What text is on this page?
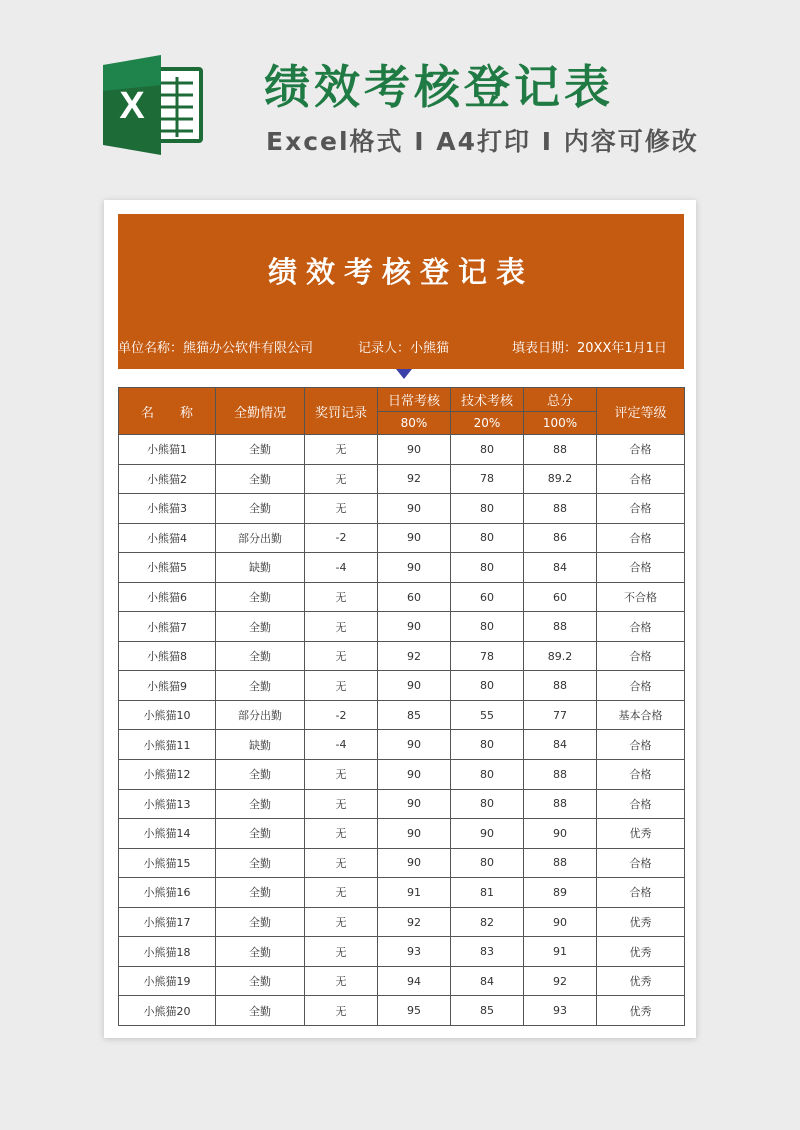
X	绩效考核登记表

Excel格式 I A4打印 I 内容可修改

绩效考核登记表
单位名称：熊猫办公软件有限公司	记录人：小熊猫	填表日期：20XX年1月1日
名　　称	全勤情况	奖罚记录	日常考核	技术考核	总分	评定等级
			80%	20%	100%	
小熊猫1	全勤	无	90	80	88	合格
小熊猫2	全勤	无	92	78	89.2	合格
小熊猫3	全勤	无	90	80	88	合格
小熊猫4	部分出勤	-2	90	80	86	合格
小熊猫5	缺勤	-4	90	80	84	合格
小熊猫6	全勤	无	60	60	60	不合格
小熊猫7	全勤	无	90	80	88	合格
小熊猫8	全勤	无	92	78	89.2	合格
小熊猫9	全勤	无	90	80	88	合格
小熊猫10	部分出勤	-2	85	55	77	基本合格
小熊猫11	缺勤	-4	90	80	84	合格
小熊猫12	全勤	无	90	80	88	合格
小熊猫13	全勤	无	90	80	88	合格
小熊猫14	全勤	无	90	90	90	优秀
小熊猫15	全勤	无	90	80	88	合格
小熊猫16	全勤	无	91	81	89	合格
小熊猫17	全勤	无	92	82	90	优秀
小熊猫18	全勤	无	93	83	91	优秀
小熊猫19	全勤	无	94	84	92	优秀
小熊猫20	全勤	无	95	85	93	优秀
